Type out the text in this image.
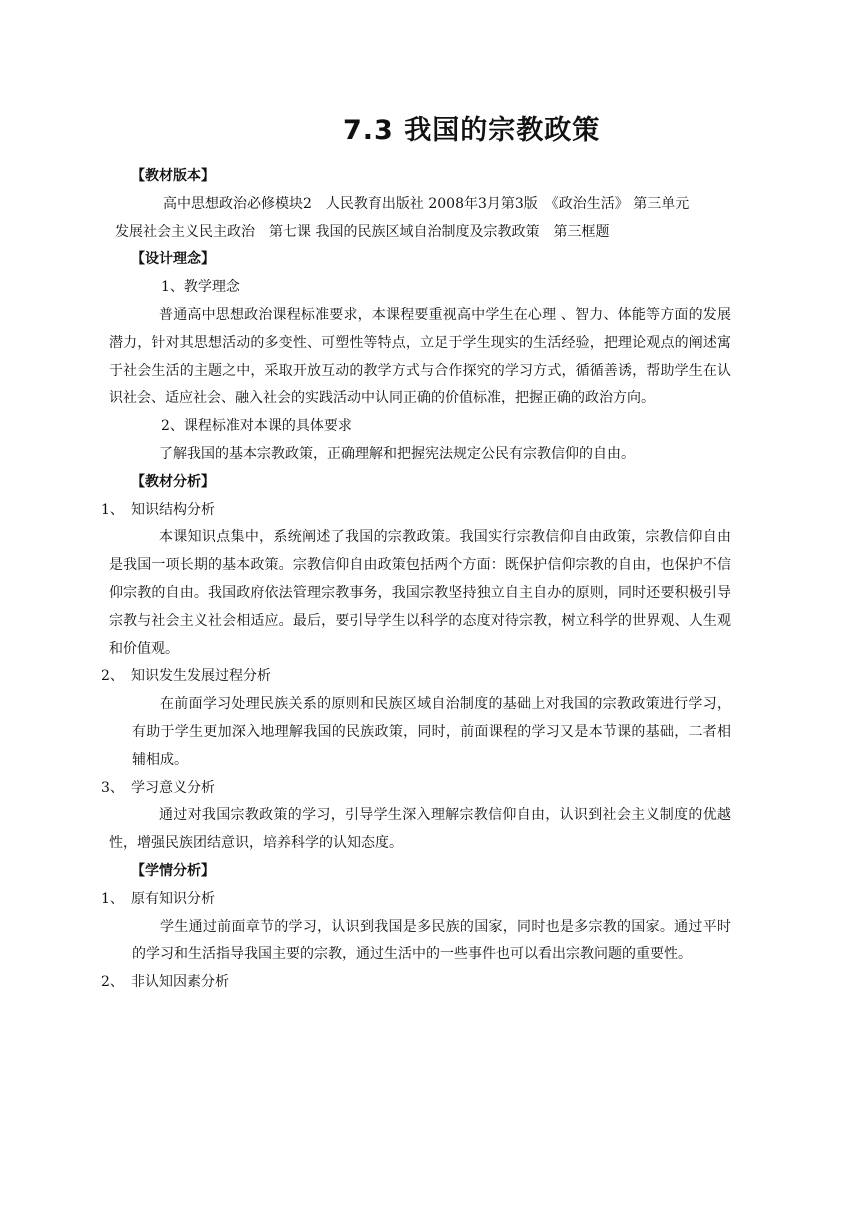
7.3 我国的宗教政策
【教材版本】
高中思想政治必修模块2　人民教育出版社 2008年3月第3版　《政治生活》 第三单元
发展社会主义民主政治　第七课 我国的民族区域自治制度及宗教政策　第三框题
【设计理念】
1、教学理念
普通高中思想政治课程标准要求，本课程要重视高中学生在心理 、智力、体能等方面的发展潜力，针对其思想活动的多变性、可塑性等特点，立足于学生现实的生活经验，把理论观点的阐述寓于社会生活的主题之中，采取开放互动的教学方式与合作探究的学习方式，循循善诱，帮助学生在认识社会、适应社会、融入社会的实践活动中认同正确的价值标准，把握正确的政治方向。
2、课程标准对本课的具体要求
了解我国的基本宗教政策，正确理解和把握宪法规定公民有宗教信仰的自由。
【教材分析】
1、 知识结构分析
本课知识点集中，系统阐述了我国的宗教政策。我国实行宗教信仰自由政策，宗教信仰自由是我国一项长期的基本政策。宗教信仰自由政策包括两个方面：既保护信仰宗教的自由，也保护不信仰宗教的自由。我国政府依法管理宗教事务，我国宗教坚持独立自主自办的原则，同时还要积极引导宗教与社会主义社会相适应。最后，要引导学生以科学的态度对待宗教，树立科学的世界观、人生观和价值观。
2、 知识发生发展过程分析
在前面学习处理民族关系的原则和民族区域自治制度的基础上对我国的宗教政策进行学习，有助于学生更加深入地理解我国的民族政策，同时，前面课程的学习又是本节课的基础，二者相辅相成。
3、 学习意义分析
通过对我国宗教政策的学习，引导学生深入理解宗教信仰自由，认识到社会主义制度的优越性，增强民族团结意识，培养科学的认知态度。
【学情分析】
1、 原有知识分析
学生通过前面章节的学习，认识到我国是多民族的国家，同时也是多宗教的国家。通过平时的学习和生活指导我国主要的宗教，通过生活中的一些事件也可以看出宗教问题的重要性。
2、 非认知因素分析
